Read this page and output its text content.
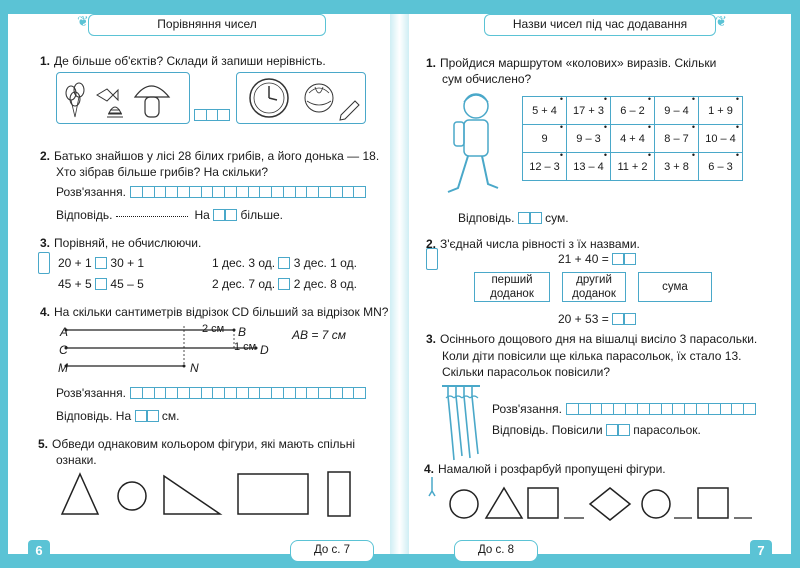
❦	Порівняння чисел
1. Де більше об'єктів? Склади й запиши нерівність.
2. Батько знайшов у лісі 28 білих грибів, а його донька — 18.
Хто зібрав більше грибів? На скільки?
Розв'язання.
Відповідь.	На	більше.
3. Порівняй, не обчислюючи.
20 + 1 30 + 1	1 дес. 3 од. 3 дес. 1 од.
45 + 5 45 – 5	2 дес. 7 од. 2 дес. 8 од.
4. На скільки сантиметрів відрізок CD більший за відрізок MN?
A	B
C	D
M	N
2 см
1 см
AB = 7 см
Розв'язання.
Відповідь. На	см.
5. Обведи однаковим кольором фігури, які мають спільні
ознаки.
6	До с. 7
❦
Назви чисел під час додавання
1. Пройдися маршрутом «колових» виразів. Скільки
сум обчислено?
5 + 4 •	17 + 3 •	6 – 2 •	9 – 4 •	1 + 9 •
9 •	9 – 3 •	4 + 4 •	8 – 7 •	10 – 4 •
12 – 3 •	13 – 4 •	11 + 2 •	3 + 8 •	6 – 3 •
Відповідь.	сум.
2. З'єднай числа рівності з їх назвами.
21 + 40 =
перший
доданок
другий
доданок
сума
20 + 53 =
3. Осіннього дощового дня на вішалці висіло 3 парасольки.
Коли діти повісили ще кілька парасольок, їх стало 13.
Скільки парасольок повісили?
Розв'язання.
Відповідь. Повісили	парасольок.
4. Намалюй і розфарбуй пропущені фігури.
До с. 8	7
